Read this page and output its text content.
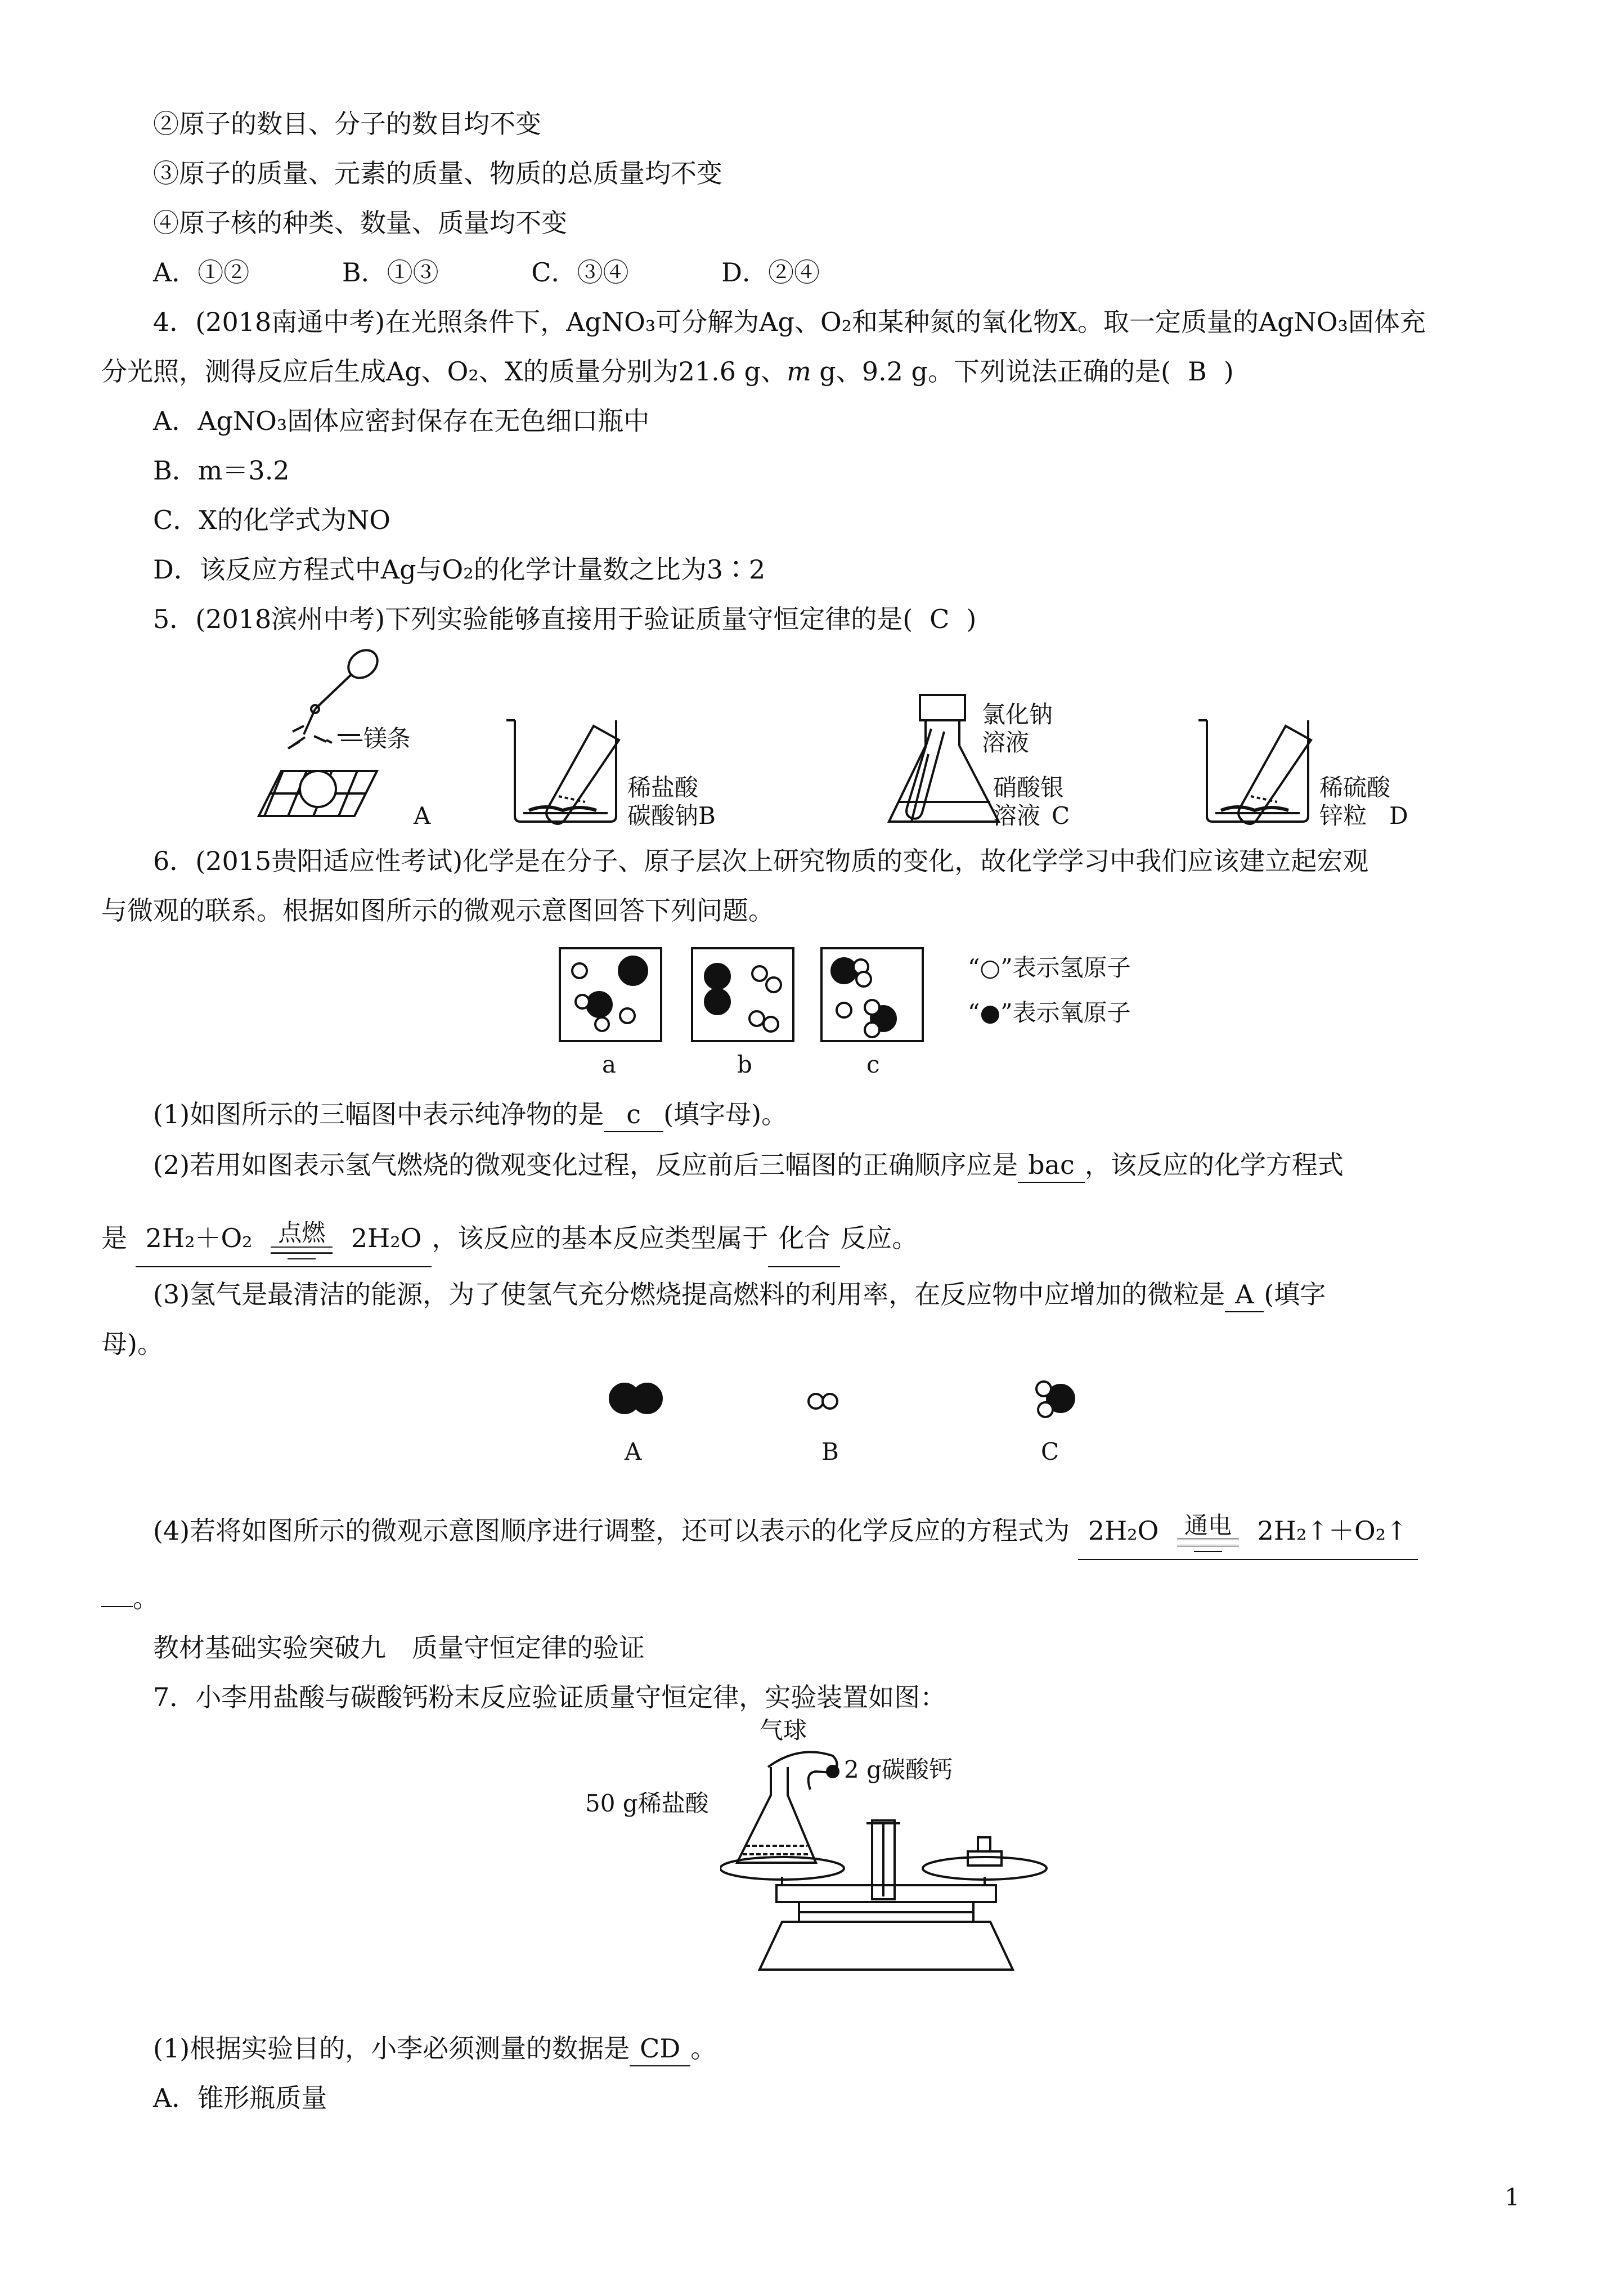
②原子的数目、分子的数目均不变
③原子的质量、元素的质量、物质的总质量均不变
④原子核的种类、数量、质量均不变
A．①②	B．①③	C．③④	D．②④
4．(2018南通中考)在光照条件下，AgNO₃可分解为Ag、O₂和某种氮的氧化物X。取一定质量的AgNO₃固体充
分光照，测得反应后生成Ag、O₂、X的质量分别为21.6 g、m g、9.2 g。下列说法正确的是( B )
A．AgNO₃固体应密封保存在无色细口瓶中
B．m＝3.2
C．X的化学式为NO
D．该反应方程式中Ag与O₂的化学计量数之比为3∶2
5．(2018滨州中考)下列实验能够直接用于验证质量守恒定律的是( C )
—镁条
A
稀盐酸
碳酸钠B
氯化钠
溶液
硝酸银
溶液 C
稀硫酸
锌粒 D
6．(2015贵阳适应性考试)化学是在分子、原子层次上研究物质的变化，故化学学习中我们应该建立起宏观
与微观的联系。根据如图所示的微观示意图回答下列问题。
“○”表示氢原子
“●”表示氧原子
a	b	c
(1)如图所示的三幅图中表示纯净物的是 c (填字母)。
(2)若用如图表示氢气燃烧的微观变化过程，反应前后三幅图的正确顺序应是 bac ，该反应的化学方程式
是 2H₂＋O₂	点燃 2H₂O ，该反应的基本反应类型属于 化合 反应。
(3)氢气是最清洁的能源，为了使氢气充分燃烧提高燃料的利用率，在反应物中应增加的微粒是 A (填字
母)。
A	B	C
(4)若将如图所示的微观示意图顺序进行调整，还可以表示的化学反应的方程式为 2H₂O	通电 2H₂↑＋O₂↑
。
教材基础实验突破九　质量守恒定律的验证
7．小李用盐酸与碳酸钙粉末反应验证质量守恒定律，实验装置如图：
气球
2 g碳酸钙
50 g稀盐酸
(1)根据实验目的，小李必须测量的数据是 CD 。
A．锥形瓶质量
1
